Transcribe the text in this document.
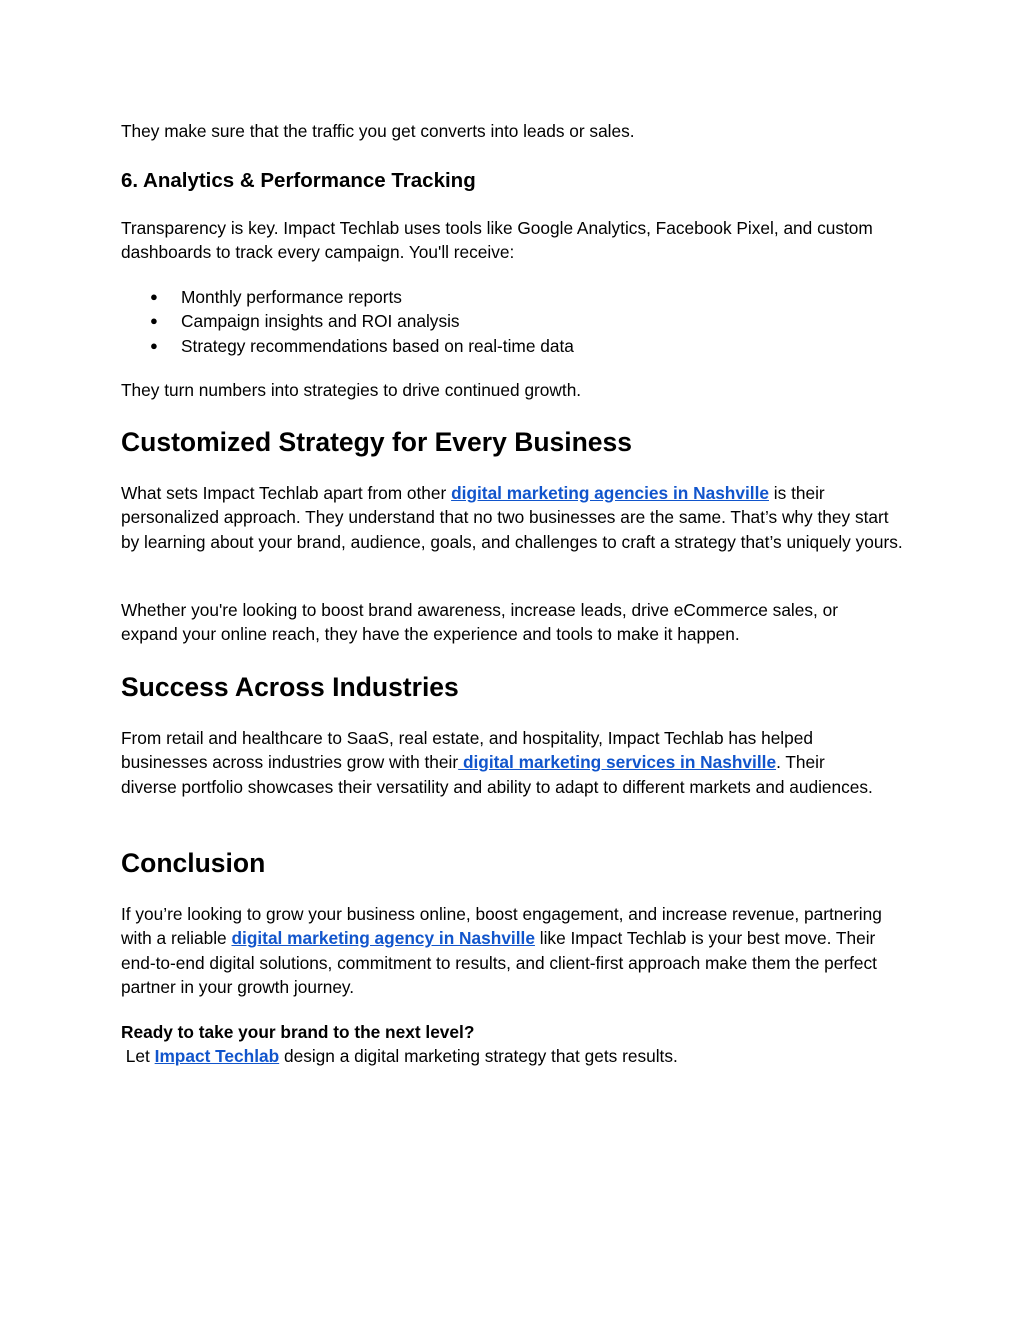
They make sure that the traffic you get converts into leads or sales.

6. Analytics & Performance Tracking

Transparency is key. Impact Techlab uses tools like Google Analytics, Facebook Pixel, and custom dashboards to track every campaign. You'll receive:

● Monthly performance reports
● Campaign insights and ROI analysis
● Strategy recommendations based on real-time data

They turn numbers into strategies to drive continued growth.

Customized Strategy for Every Business

What sets Impact Techlab apart from other digital marketing agencies in Nashville is their personalized approach. They understand that no two businesses are the same. That’s why they start by learning about your brand, audience, goals, and challenges to craft a strategy that’s uniquely yours.

Whether you're looking to boost brand awareness, increase leads, drive eCommerce sales, or expand your online reach, they have the experience and tools to make it happen.

Success Across Industries

From retail and healthcare to SaaS, real estate, and hospitality, Impact Techlab has helped businesses across industries grow with their digital marketing services in Nashville. Their diverse portfolio showcases their versatility and ability to adapt to different markets and audiences.

Conclusion

If you’re looking to grow your business online, boost engagement, and increase revenue, partnering with a reliable digital marketing agency in Nashville like Impact Techlab is your best move. Their end-to-end digital solutions, commitment to results, and client-first approach make them the perfect partner in your growth journey.

Ready to take your brand to the next level?

Let Impact Techlab design a digital marketing strategy that gets results.
